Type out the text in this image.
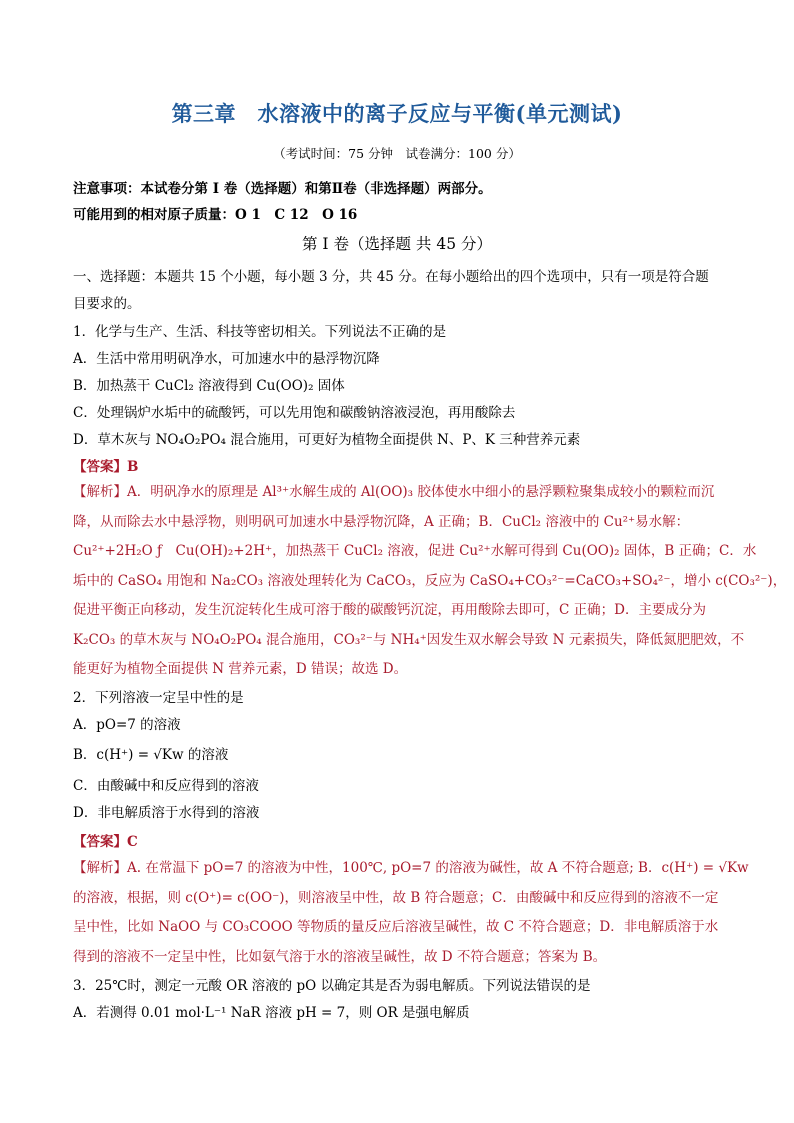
第三章　水溶液中的离子反应与平衡(单元测试)
（考试时间：75 分钟　试卷满分：100 分）
注意事项：本试卷分第 I 卷（选择题）和第Ⅱ卷（非选择题）两部分。
可能用到的相对原子质量：O 1　C 12　O 16
第 I 卷（选择题 共 45 分）
一、选择题：本题共 15 个小题，每小题 3 分，共 45 分。在每小题给出的四个选项中，只有一项是符合题
目要求的。
1．化学与生产、生活、科技等密切相关。下列说法不正确的是
A．生活中常用明矾净水，可加速水中的悬浮物沉降
B．加热蒸干 CuCl₂ 溶液得到 Cu(OO)₂ 固体
C．处理锅炉水垢中的硫酸钙，可以先用饱和碳酸钠溶液浸泡，再用酸除去
D．草木灰与 NO₄O₂PO₄ 混合施用，可更好为植物全面提供 N、P、K 三种营养元素
【答案】B
【解析】A．明矾净水的原理是 Al³⁺水解生成的 Al(OO)₃ 胶体使水中细小的悬浮颗粒聚集成较小的颗粒而沉
降，从而除去水中悬浮物，则明矾可加速水中悬浮物沉降，A 正确；B．CuCl₂ 溶液中的 Cu²⁺易水解：
Cu²⁺+2H₂O ƒ　Cu(OH)₂+2H⁺，加热蒸干 CuCl₂ 溶液，促进 Cu²⁺水解可得到 Cu(OO)₂ 固体，B 正确；C．水
垢中的 CaSO₄ 用饱和 Na₂CO₃ 溶液处理转化为 CaCO₃，反应为 CaSO₄+CO₃²⁻=CaCO₃+SO₄²⁻，增小 c(CO₃²⁻)，
促进平衡正向移动，发生沉淀转化生成可溶于酸的碳酸钙沉淀，再用酸除去即可，C 正确；D．主要成分为
K₂CO₃ 的草木灰与 NO₄O₂PO₄ 混合施用，CO₃²⁻与 NH₄⁺因发生双水解会导致 N 元素损失，降低氮肥肥效，不
能更好为植物全面提供 N 营养元素，D 错误；故选 D。
2．下列溶液一定呈中性的是
A．pO=7 的溶液
B．c(H⁺) = √Kw 的溶液
C．由酸碱中和反应得到的溶液
D．非电解质溶于水得到的溶液
【答案】C
【解析】A. 在常温下 pO=7 的溶液为中性，100℃, pO=7 的溶液为碱性，故 A 不符合题意; B．c(H⁺) = √Kw
的溶液，根据，则 c(O⁺)= c(OO⁻)，则溶液呈中性，故 B 符合题意；C．由酸碱中和反应得到的溶液不一定
呈中性，比如 NaOO 与 CO₃COOO 等物质的量反应后溶液呈碱性，故 C 不符合题意；D．非电解质溶于水
得到的溶液不一定呈中性，比如氨气溶于水的溶液呈碱性，故 D 不符合题意；答案为 B。
3．25℃时，测定一元酸 OR 溶液的 pO 以确定其是否为弱电解质。下列说法错误的是
A．若测得 0.01 mol·L⁻¹ NaR 溶液 pH = 7，则 OR 是强电解质
